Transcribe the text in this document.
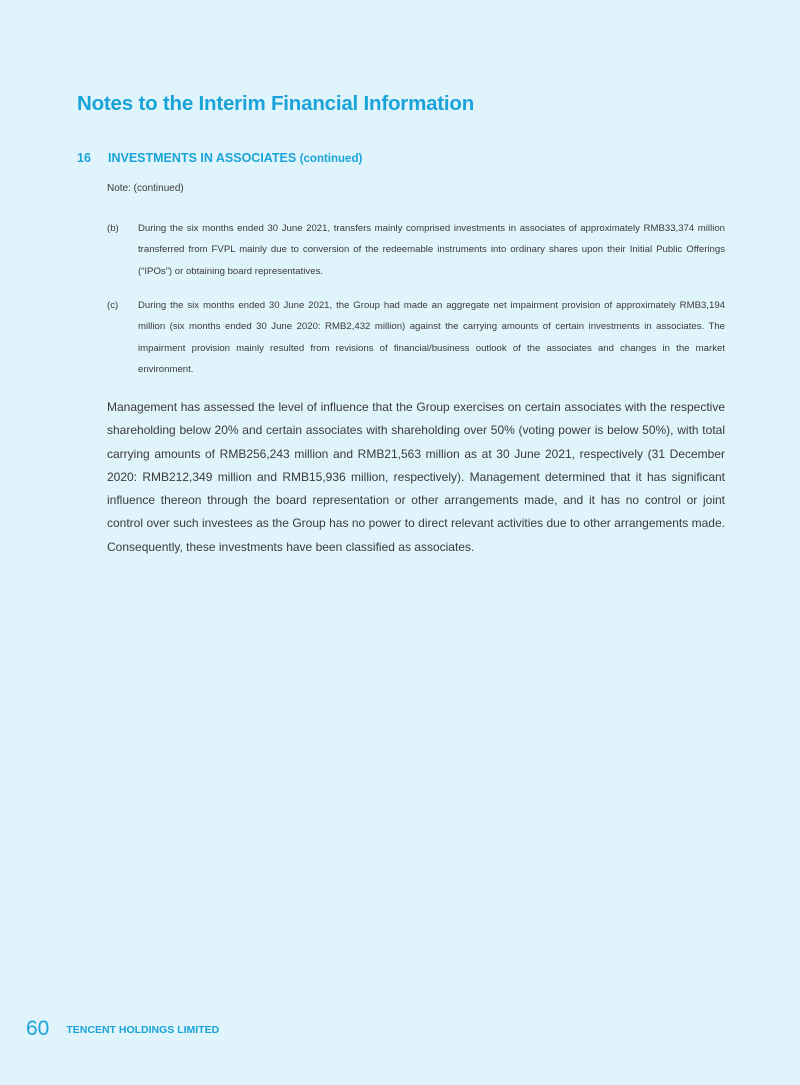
Notes to the Interim Financial Information
16 INVESTMENTS IN ASSOCIATES (continued)
Note: (continued)
(b) During the six months ended 30 June 2021, transfers mainly comprised investments in associates of approximately RMB33,374 million transferred from FVPL mainly due to conversion of the redeemable instruments into ordinary shares upon their Initial Public Offerings (“IPOs”) or obtaining board representatives.
(c) During the six months ended 30 June 2021, the Group had made an aggregate net impairment provision of approximately RMB3,194 million (six months ended 30 June 2020: RMB2,432 million) against the carrying amounts of certain investments in associates. The impairment provision mainly resulted from revisions of financial/business outlook of the associates and changes in the market environment.

Management has assessed the level of influence that the Group exercises on certain associates with the respective shareholding below 20% and certain associates with shareholding over 50% (voting power is below 50%), with total carrying amounts of RMB256,243 million and RMB21,563 million as at 30 June 2021, respectively (31 December 2020: RMB212,349 million and RMB15,936 million, respectively). Management determined that it has significant influence thereon through the board representation or other arrangements made, and it has no control or joint control over such investees as the Group has no power to direct relevant activities due to other arrangements made. Consequently, these investments have been classified as associates.

60 TENCENT HOLDINGS LIMITED
